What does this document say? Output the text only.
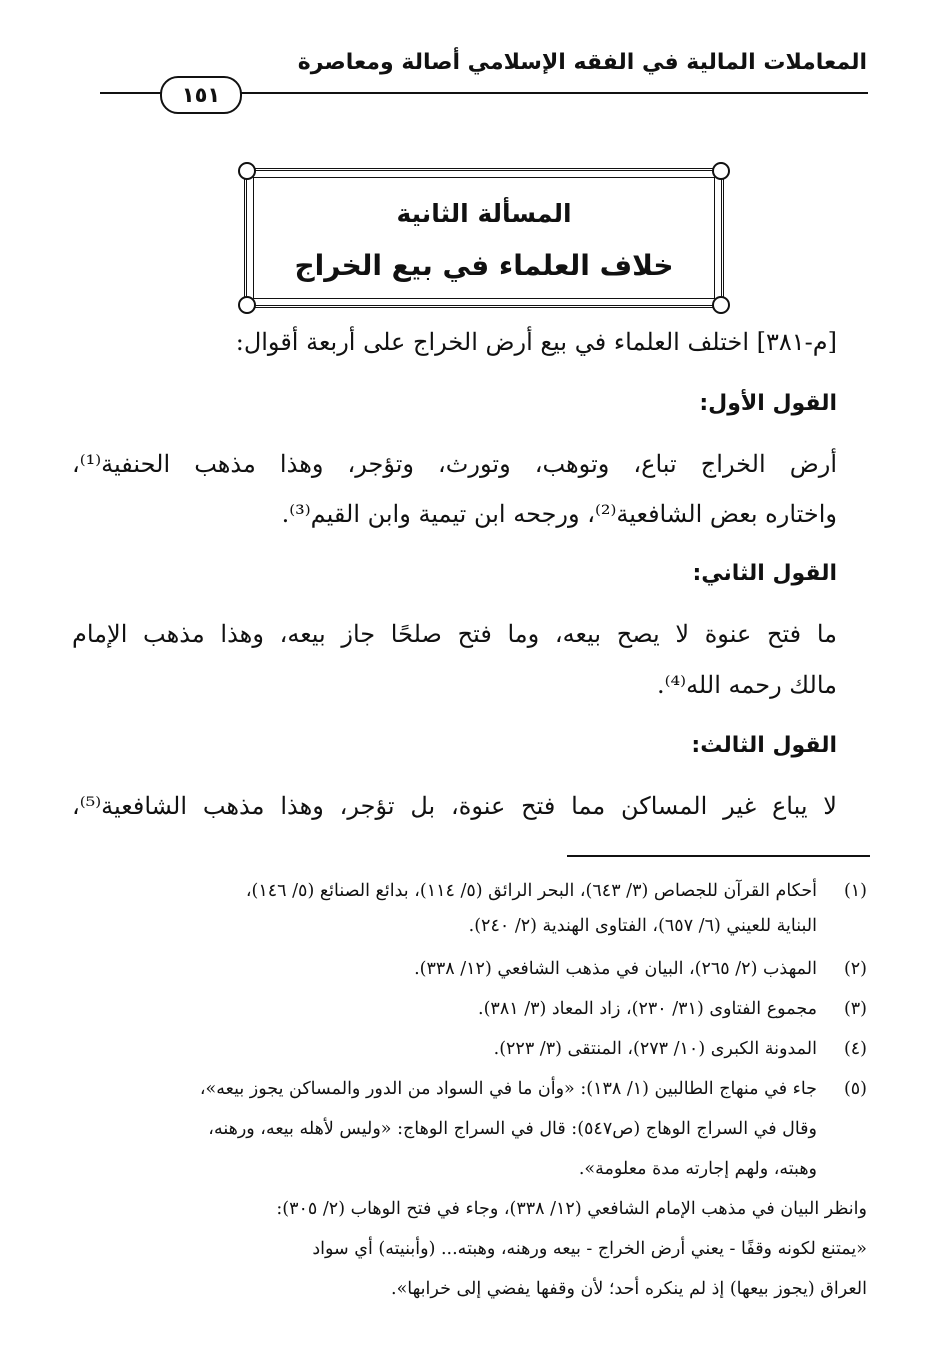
المعاملات المالية في الفقه الإسلامي أصالة ومعاصرة
١٥١
المسألة الثانية
خلاف العلماء في بيع الخراج
[م-٣٨١] اختلف العلماء في بيع أرض الخراج على أربعة أقوال:
القول الأول:
أرض الخراج تباع، وتوهب، وتورث، وتؤجر، وهذا مذهب الحنفية⁽¹⁾،
واختاره بعض الشافعية⁽²⁾، ورجحه ابن تيمية وابن القيم⁽³⁾.
القول الثاني:
ما فتح عنوة لا يصح بيعه، وما فتح صلحًا جاز بيعه، وهذا مذهب الإمام
مالك رحمه الله⁽⁴⁾.
القول الثالث:
لا يباع غير المساكن مما فتح عنوة، بل تؤجر، وهذا مذهب الشافعية⁽⁵⁾،
(١)أحكام القرآن للجصاص (٣/ ٦٤٣)، البحر الرائق (٥/ ١١٤)، بدائع الصنائع (٥/ ١٤٦)،
البناية للعيني (٦/ ٦٥٧)، الفتاوى الهندية (٢/ ٢٤٠).
(٢)المهذب (٢/ ٢٦٥)، البيان في مذهب الشافعي (١٢/ ٣٣٨).
(٣)مجموع الفتاوى (٣١/ ٢٣٠)، زاد المعاد (٣/ ٣٨١).
(٤)المدونة الكبرى (١٠/ ٢٧٣)، المنتقى (٣/ ٢٢٣).
(٥)جاء في منهاج الطالبين (١/ ١٣٨): «وأن ما في السواد من الدور والمساكن يجوز بيعه»،
وقال في السراج الوهاج (ص٥٤٧): قال في السراج الوهاج: «وليس لأهله بيعه، ورهنه،
وهبته، ولهم إجارته مدة معلومة».
وانظر البيان في مذهب الإمام الشافعي (١٢/ ٣٣٨)، وجاء في فتح الوهاب (٢/ ٣٠٥):
«يمتنع لكونه وقفًا - يعني أرض الخراج - بيعه ورهنه، وهبته... (وأبنيته) أي سواد
العراق (يجوز بيعها) إذ لم ينكره أحد؛ لأن وقفها يفضي إلى خرابها».
